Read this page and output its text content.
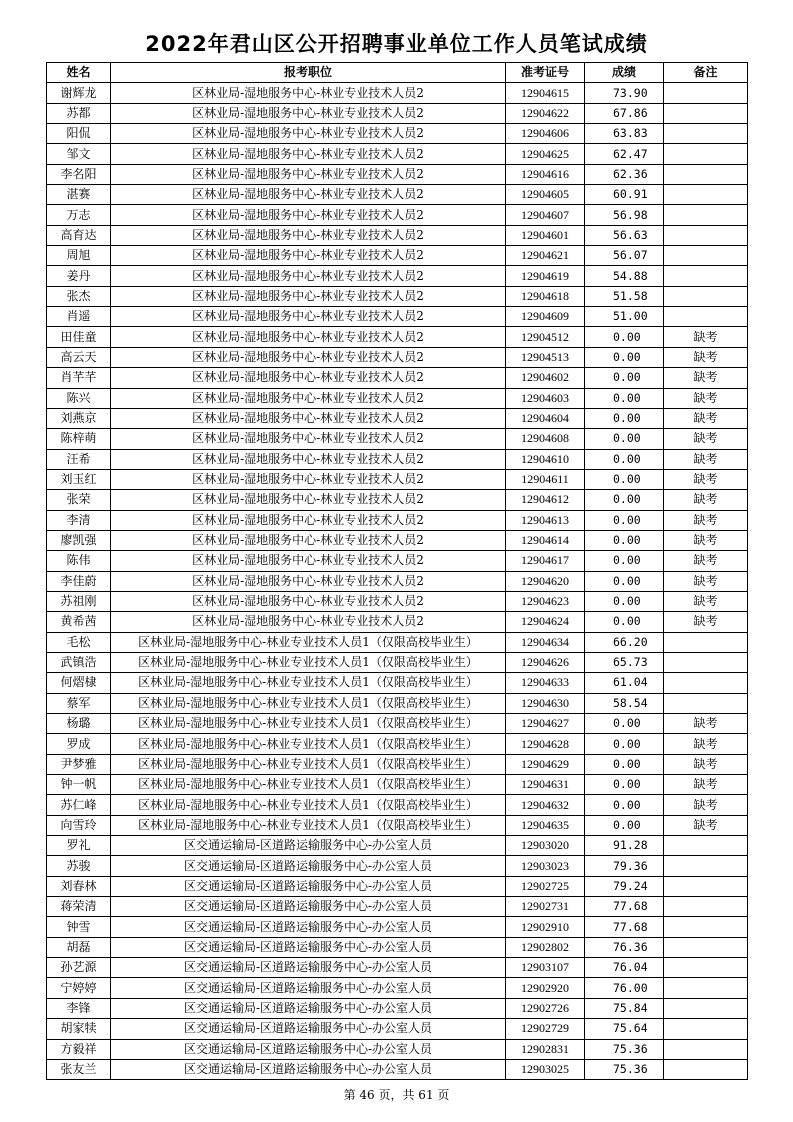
2022年君山区公开招聘事业单位工作人员笔试成绩
姓名	报考职位	准考证号	成绩	备注
谢辉龙	区林业局-湿地服务中心-林业专业技术人员2	12904615	73.90	
苏都	区林业局-湿地服务中心-林业专业技术人员2	12904622	67.86	
阳侃	区林业局-湿地服务中心-林业专业技术人员2	12904606	63.83	
邹文	区林业局-湿地服务中心-林业专业技术人员2	12904625	62.47	
李名阳	区林业局-湿地服务中心-林业专业技术人员2	12904616	62.36	
湛赛	区林业局-湿地服务中心-林业专业技术人员2	12904605	60.91	
万志	区林业局-湿地服务中心-林业专业技术人员2	12904607	56.98	
高育达	区林业局-湿地服务中心-林业专业技术人员2	12904601	56.63	
周旭	区林业局-湿地服务中心-林业专业技术人员2	12904621	56.07	
姜丹	区林业局-湿地服务中心-林业专业技术人员2	12904619	54.88	
张杰	区林业局-湿地服务中心-林业专业技术人员2	12904618	51.58	
肖遥	区林业局-湿地服务中心-林业专业技术人员2	12904609	51.00	
田佳童	区林业局-湿地服务中心-林业专业技术人员2	12904512	0.00	缺考
高云天	区林业局-湿地服务中心-林业专业技术人员2	12904513	0.00	缺考
肖芊芊	区林业局-湿地服务中心-林业专业技术人员2	12904602	0.00	缺考
陈兴	区林业局-湿地服务中心-林业专业技术人员2	12904603	0.00	缺考
刘燕京	区林业局-湿地服务中心-林业专业技术人员2	12904604	0.00	缺考
陈梓萌	区林业局-湿地服务中心-林业专业技术人员2	12904608	0.00	缺考
汪希	区林业局-湿地服务中心-林业专业技术人员2	12904610	0.00	缺考
刘玉红	区林业局-湿地服务中心-林业专业技术人员2	12904611	0.00	缺考
张荣	区林业局-湿地服务中心-林业专业技术人员2	12904612	0.00	缺考
李清	区林业局-湿地服务中心-林业专业技术人员2	12904613	0.00	缺考
廖凯强	区林业局-湿地服务中心-林业专业技术人员2	12904614	0.00	缺考
陈伟	区林业局-湿地服务中心-林业专业技术人员2	12904617	0.00	缺考
李佳蔚	区林业局-湿地服务中心-林业专业技术人员2	12904620	0.00	缺考
苏祖刚	区林业局-湿地服务中心-林业专业技术人员2	12904623	0.00	缺考
黄希茜	区林业局-湿地服务中心-林业专业技术人员2	12904624	0.00	缺考
毛松	区林业局-湿地服务中心-林业专业技术人员1（仅限高校毕业生）	12904634	66.20	
武镇浩	区林业局-湿地服务中心-林业专业技术人员1（仅限高校毕业生）	12904626	65.73	
何熠棣	区林业局-湿地服务中心-林业专业技术人员1（仅限高校毕业生）	12904633	61.04	
蔡军	区林业局-湿地服务中心-林业专业技术人员1（仅限高校毕业生）	12904630	58.54	
杨璐	区林业局-湿地服务中心-林业专业技术人员1（仅限高校毕业生）	12904627	0.00	缺考
罗成	区林业局-湿地服务中心-林业专业技术人员1（仅限高校毕业生）	12904628	0.00	缺考
尹梦雅	区林业局-湿地服务中心-林业专业技术人员1（仅限高校毕业生）	12904629	0.00	缺考
钟一帆	区林业局-湿地服务中心-林业专业技术人员1（仅限高校毕业生）	12904631	0.00	缺考
苏仁峰	区林业局-湿地服务中心-林业专业技术人员1（仅限高校毕业生）	12904632	0.00	缺考
向雪玲	区林业局-湿地服务中心-林业专业技术人员1（仅限高校毕业生）	12904635	0.00	缺考
罗礼	区交通运输局-区道路运输服务中心-办公室人员	12903020	91.28	
苏骏	区交通运输局-区道路运输服务中心-办公室人员	12903023	79.36	
刘春林	区交通运输局-区道路运输服务中心-办公室人员	12902725	79.24	
蒋荣清	区交通运输局-区道路运输服务中心-办公室人员	12902731	77.68	
钟雪	区交通运输局-区道路运输服务中心-办公室人员	12902910	77.68	
胡磊	区交通运输局-区道路运输服务中心-办公室人员	12902802	76.36	
孙艺源	区交通运输局-区道路运输服务中心-办公室人员	12903107	76.04	
宁婷婷	区交通运输局-区道路运输服务中心-办公室人员	12902920	76.00	
李锋	区交通运输局-区道路运输服务中心-办公室人员	12902726	75.84	
胡家犊	区交通运输局-区道路运输服务中心-办公室人员	12902729	75.64	
方毅祥	区交通运输局-区道路运输服务中心-办公室人员	12902831	75.36	
张友兰	区交通运输局-区道路运输服务中心-办公室人员	12903025	75.36	
第 46 页，共 61 页
